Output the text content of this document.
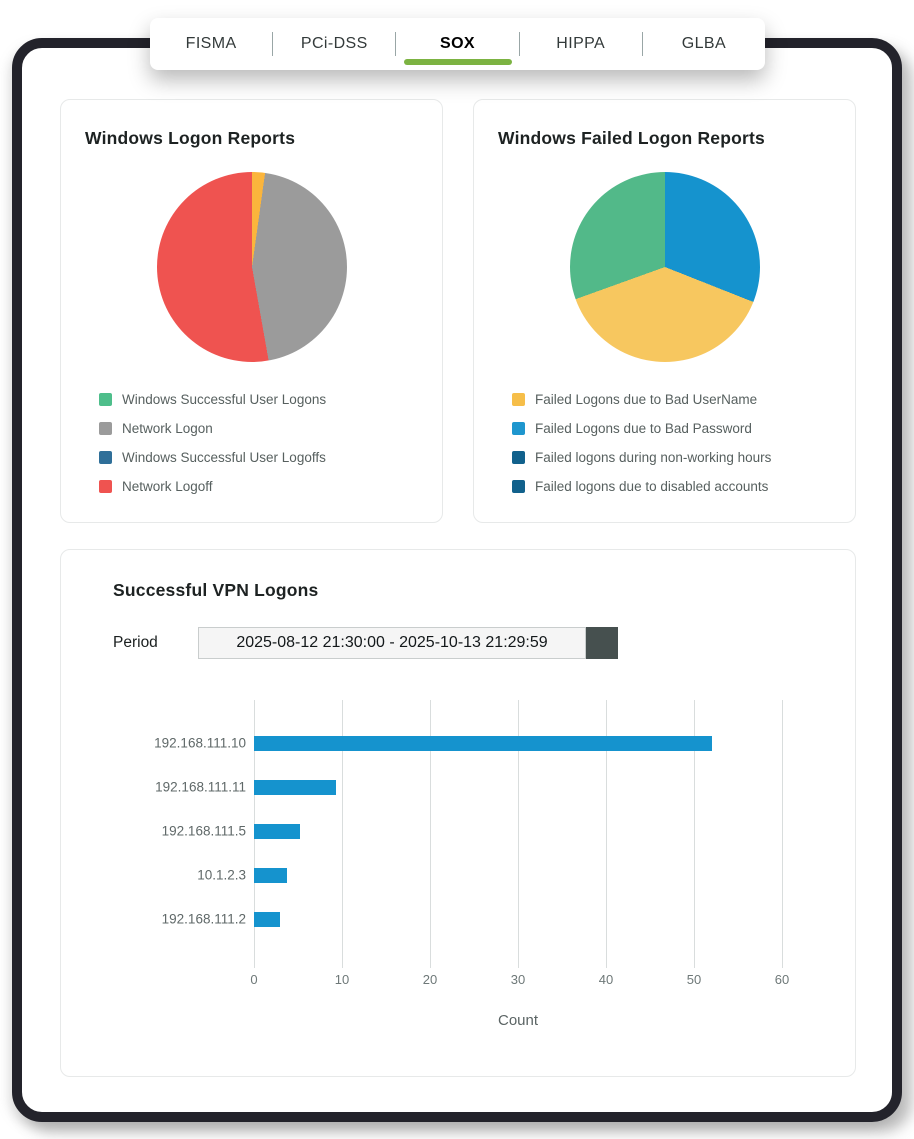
Windows Logon Reports
Windows Successful User Logons
Network Logon
Windows Successful User Logoffs
Network Logoff
Windows Failed Logon Reports
Failed Logons due to Bad UserName
Failed Logons due to Bad Password
Failed logons during non-working hours
Failed logons due to disabled accounts
Successful VPN Logons
Period	2025-08-12 21:30:00 - 2025-10-13 21:29:59
192.168.111.10
192.168.111.11
192.168.111.5
10.1.2.3
192.168.111.2
0	10	20	30	40	50	60
Count
FISMA	PCi-DSS	SOX	HIPPA	GLBA
